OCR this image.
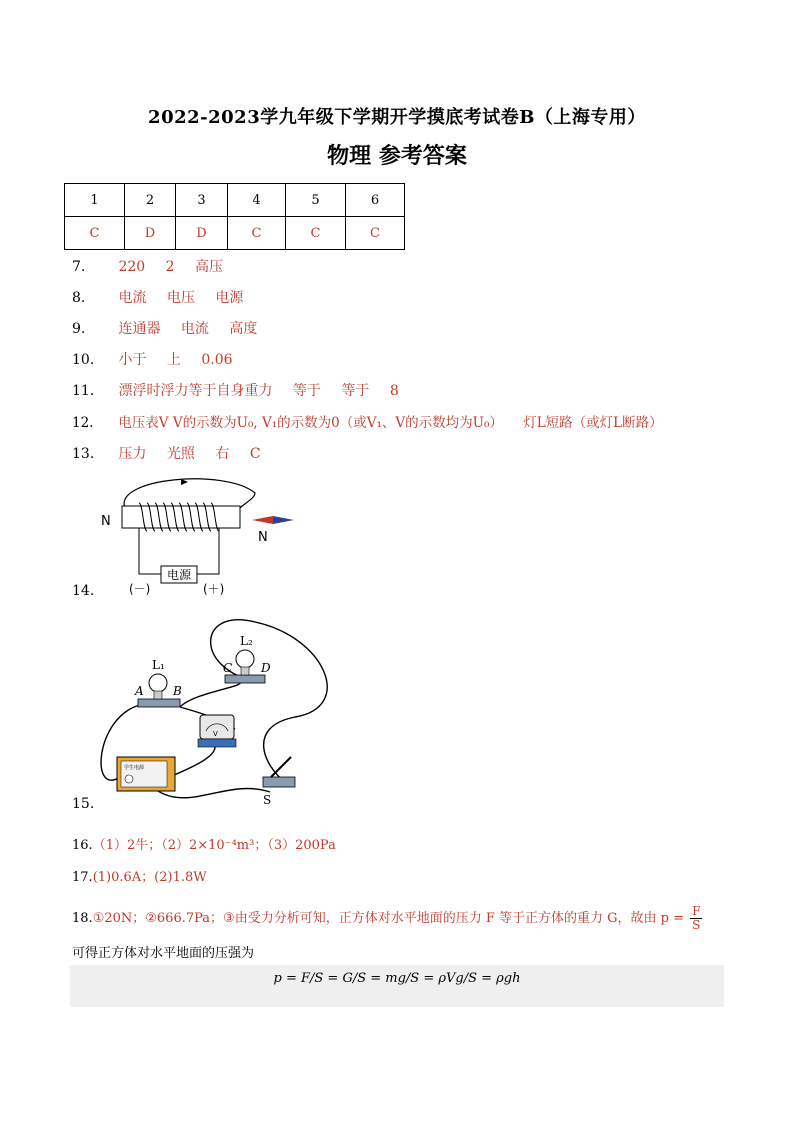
2022-2023学九年级下学期开学摸底考试卷B（上海专用）
物理 参考答案
1	2	3	4	5	6
C	D	D	C	C	C
7. 220 2 高压
8. 电流 电压 电源
9. 连通器 电流 高度
10. 小于 上 0.06
11. 漂浮时浮力等于自身重力 等于 等于 8
12. 电压表V V的示数为U₀, V₁的示数为0（或V₁、V的示数均为U₀） 灯L短路（或灯L断路）
13. 压力 光照 右 C
14.
电源
(－)	(＋)
N
N
15.
L₁
A B
L₂
C D
V
学生电源
S
16.（1）2牛；（2）2×10⁻⁴m³；（3）200Pa
17.(1)0.6A；(2)1.8W
18.①20N；②666.7Pa；③由受力分析可知，正方体对水平地面的压力 F 等于正方体的重力 G，故由 $p = \frac{F}{S}$
可得正方体对水平地面的压强为
p = F/S = G/S = mg/S = ρVg/S = ρgh
